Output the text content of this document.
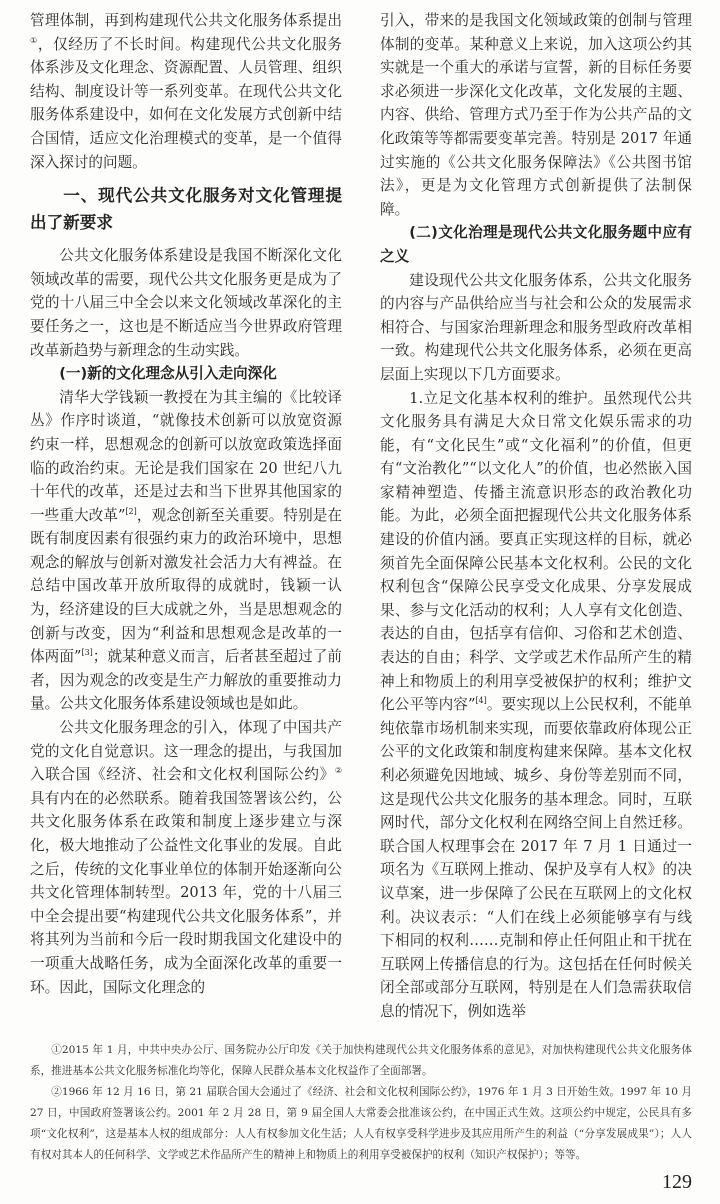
管理体制，再到构建现代公共文化服务体系提出①，仅经历了不长时间。构建现代公共文化服务体系涉及文化理念、资源配置、人员管理、组织结构、制度设计等一系列变革。在现代公共文化服务体系建设中，如何在文化发展方式创新中结合国情，适应文化治理模式的变革，是一个值得深入探讨的问题。

一、现代公共文化服务对文化管理提出了新要求

公共文化服务体系建设是我国不断深化文化领域改革的需要，现代公共文化服务更是成为了党的十八届三中全会以来文化领域改革深化的主要任务之一，这也是不断适应当今世界政府管理改革新趋势与新理念的生动实践。

(一)新的文化理念从引入走向深化

清华大学钱颖一教授在为其主编的《比较译丛》作序时谈道，“就像技术创新可以放宽资源约束一样，思想观念的创新可以放宽政策选择面临的政治约束。无论是我们国家在 20 世纪八九十年代的改革，还是过去和当下世界其他国家的一些重大改革”[2]，观念创新至关重要。特别是在既有制度因素有很强约束力的政治环境中，思想观念的解放与创新对激发社会活力大有裨益。在总结中国改革开放所取得的成就时，钱颖一认为，经济建设的巨大成就之外，当是思想观念的创新与改变，因为“利益和思想观念是改革的一体两面”[3]；就某种意义而言，后者甚至超过了前者，因为观念的改变是生产力解放的重要推动力量。公共文化服务体系建设领域也是如此。

公共文化服务理念的引入，体现了中国共产党的文化自觉意识。这一理念的提出，与我国加入联合国《经济、社会和文化权利国际公约》②具有内在的必然联系。随着我国签署该公约，公共文化服务体系在政策和制度上逐步建立与深化，极大地推动了公益性文化事业的发展。自此之后，传统的文化事业单位的体制开始逐渐向公共文化管理体制转型。2013 年，党的十八届三中全会提出要“构建现代公共文化服务体系”，并将其列为当前和今后一段时期我国文化建设中的一项重大战略任务，成为全面深化改革的重要一环。因此，国际文化理念的

引入，带来的是我国文化领域政策的创制与管理体制的变革。某种意义上来说，加入这项公约其实就是一个重大的承诺与宣誓，新的目标任务要求必须进一步深化文化改革，文化发展的主题、内容、供给、管理方式乃至于作为公共产品的文化政策等等都需要变革完善。特别是 2017 年通过实施的《公共文化服务保障法》《公共图书馆法》，更是为文化管理方式创新提供了法制保障。

(二)文化治理是现代公共文化服务题中应有之义

建设现代公共文化服务体系，公共文化服务的内容与产品供给应当与社会和公众的发展需求相符合、与国家治理新理念和服务型政府改革相一致。构建现代公共文化服务体系，必须在更高层面上实现以下几方面要求。

1.立足文化基本权利的维护。虽然现代公共文化服务具有满足大众日常文化娱乐需求的功能，有“文化民生”或“文化福利”的价值，但更有“文治教化”“以文化人”的价值，也必然嵌入国家精神塑造、传播主流意识形态的政治教化功能。为此，必须全面把握现代公共文化服务体系建设的价值内涵。要真正实现这样的目标，就必须首先全面保障公民基本文化权利。公民的文化权利包含“保障公民享受文化成果、分享发展成果、参与文化活动的权利；人人享有文化创造、表达的自由，包括享有信仰、习俗和艺术创造、表达的自由；科学、文学或艺术作品所产生的精神上和物质上的利用享受被保护的权利；维护文化公平等内容”[4]。要实现以上公民权利，不能单纯依靠市场机制来实现，而要依靠政府体现公正公平的文化政策和制度构建来保障。基本文化权利必须避免因地域、城乡、身份等差别而不同，这是现代公共文化服务的基本理念。同时，互联网时代，部分文化权利在网络空间上自然迁移。联合国人权理事会在 2017 年 7 月 1 日通过一项名为《互联网上推动、保护及享有人权》的决议草案，进一步保障了公民在互联网上的文化权利。决议表示：“人们在线上必须能够享有与线下相同的权利……克制和停止任何阻止和干扰在互联网上传播信息的行为。这包括在任何时候关闭全部或部分互联网，特别是在人们急需获取信息的情况下，例如选举

①2015 年 1 月，中共中央办公厅、国务院办公厅印发《关于加快构建现代公共文化服务体系的意见》，对加快构建现代公共文化服务体系，推进基本公共文化服务标准化均等化，保障人民群众基本文化权益作了全面部署。

②1966 年 12 月 16 日，第 21 届联合国大会通过了《经济、社会和文化权利国际公约》，1976 年 1 月 3 日开始生效。1997 年 10 月 27 日，中国政府签署该公约。2001 年 2 月 28 日，第 9 届全国人大常委会批准该公约，在中国正式生效。这项公约中规定，公民具有多项“文化权利”，这是基本人权的组成部分：人人有权参加文化生活；人人有权享受科学进步及其应用所产生的利益（“分享发展成果”）；人人有权对其本人的任何科学、文学或艺术作品所产生的精神上和物质上的利用享受被保护的权利（知识产权保护）；等等。

129
